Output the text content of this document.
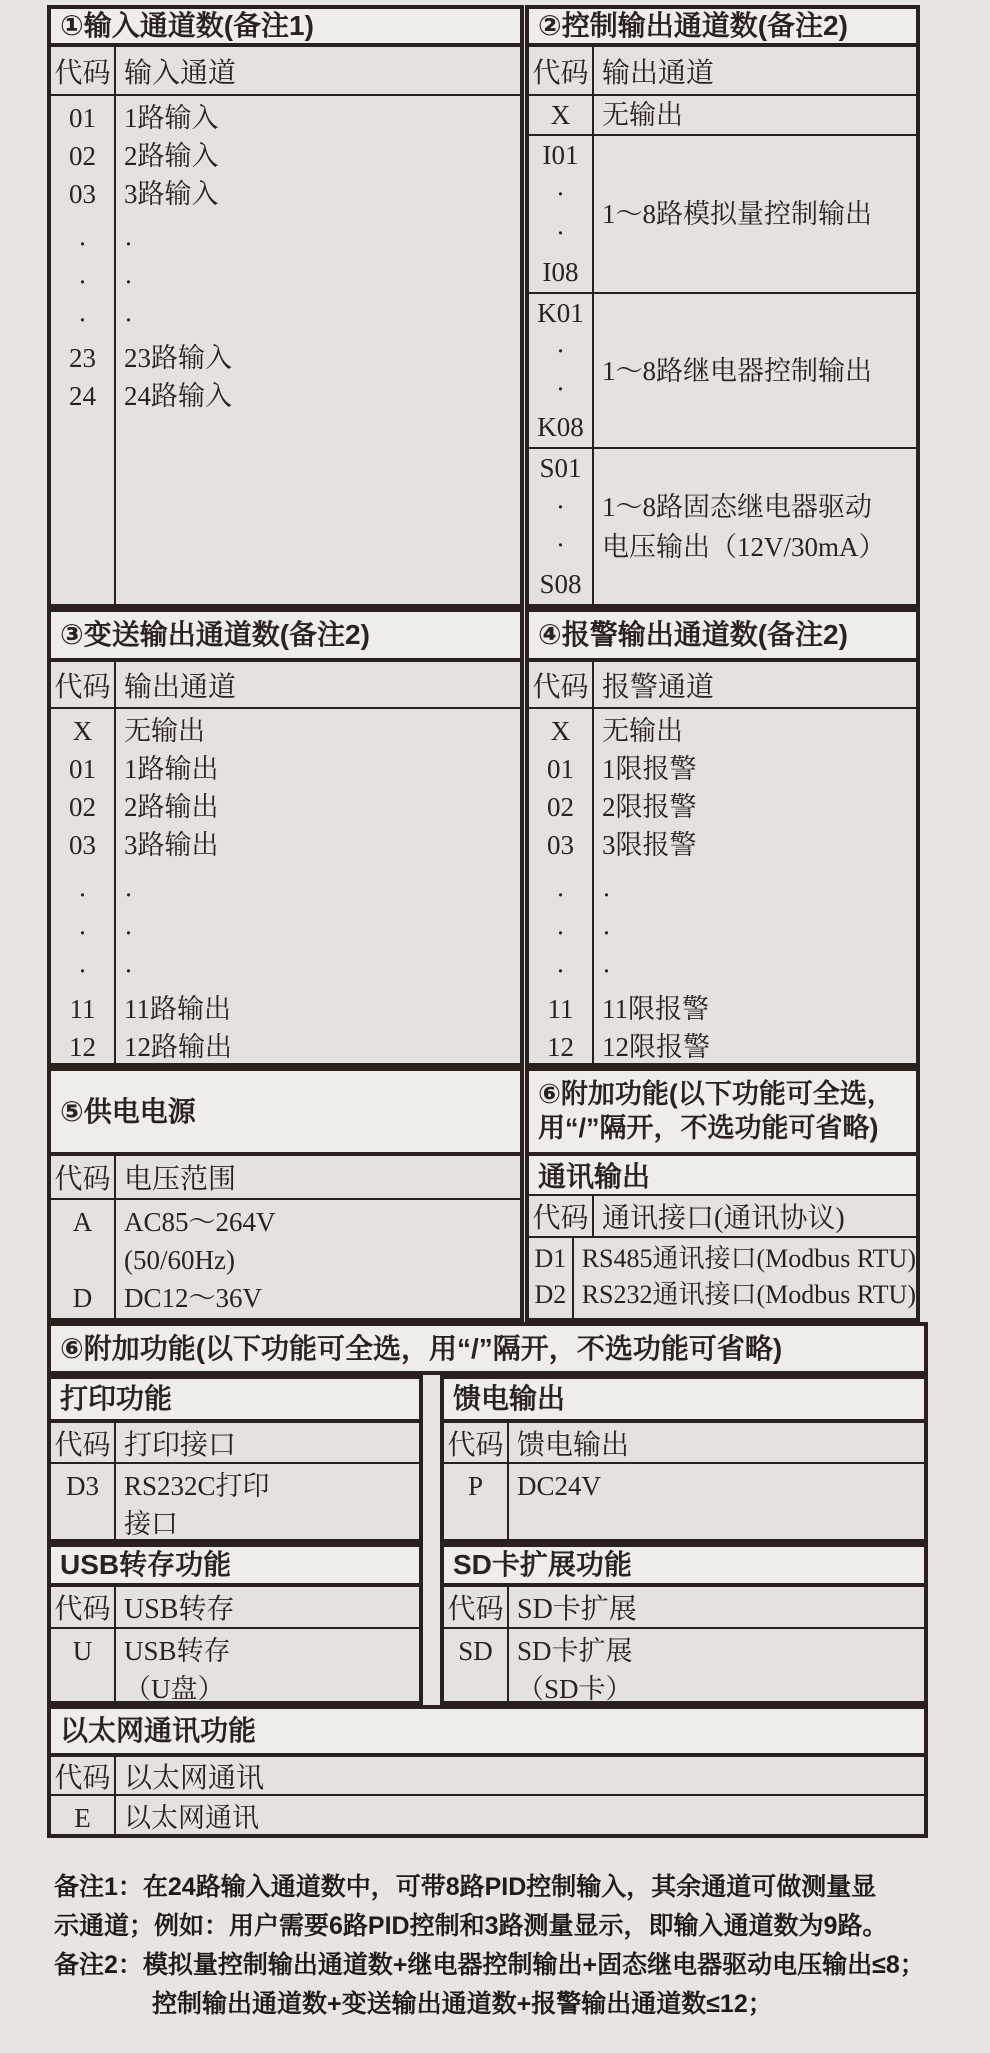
①输入通道数(备注1)
代码 输入通道
01
02
03
·
·
·
23
24
1路输入
2路输入
3路输入
·
·
·
23路输入
24路输入
②控制输出通道数(备注2)
代码 输出通道
X	无输出
I01
·
·
I08
1～8路模拟量控制输出
K01
·
·
K08
1～8路继电器控制输出
S01
·
·
S08
1～8路固态继电器驱动
电压输出（12V/30mA）
③变送输出通道数(备注2)
代码 输出通道
X
01
02
03
·
·
·
11
12
无输出
1路输出
2路输出
3路输出
·
·
·
11路输出
12路输出
④报警输出通道数(备注2)
代码 报警通道
X
01
02
03
·
·
·
11
12
无输出
1限报警
2限报警
3限报警
·
·
·
11限报警
12限报警
⑤供电电源
代码 电压范围
A
D
AC85～264V
(50/60Hz)
DC12～36V
⑥附加功能(以下功能可全选，
用“/”隔开，不选功能可省略)
通讯输出
代码 通讯接口(通讯协议)
D1
D2
RS485通讯接口(Modbus RTU)
RS232通讯接口(Modbus RTU)
⑥附加功能(以下功能可全选，用“/”隔开，不选功能可省略)
打印功能
代码 打印接口
D3 RS232C打印
接口
馈电输出
代码 馈电输出
P DC24V
USB转存功能
代码 USB转存
U USB转存
（U盘）
SD卡扩展功能
代码 SD卡扩展
SD SD卡扩展
（SD卡）
以太网通讯功能
代码 以太网通讯
E 以太网通讯
备注1：在24路输入通道数中，可带8路PID控制输入，其余通道可做测量显
示通道；例如：用户需要6路PID控制和3路测量显示，即输入通道数为9路。
备注2：模拟量控制输出通道数+继电器控制输出+固态继电器驱动电压输出≤8；
控制输出通道数+变送输出通道数+报警输出通道数≤12；
